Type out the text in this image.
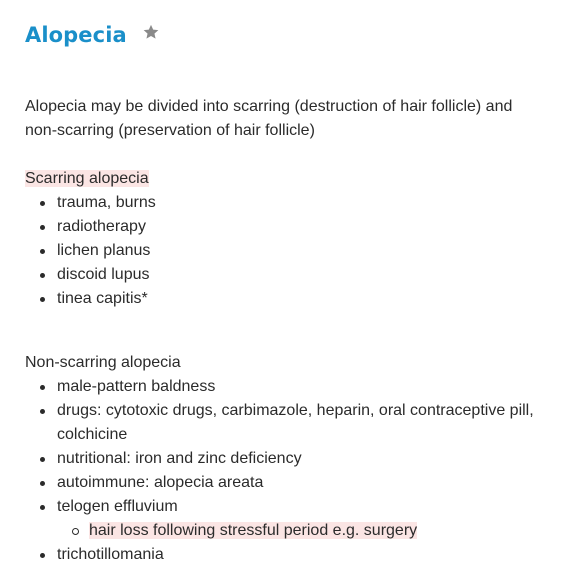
Alopecia

Alopecia may be divided into scarring (destruction of hair follicle) and non-scarring (preservation of hair follicle)

Scarring alopecia
trauma, burns
radiotherapy
lichen planus
discoid lupus
tinea capitis*
Non-scarring alopecia
male-pattern baldness
drugs: cytotoxic drugs, carbimazole, heparin, oral contraceptive pill, colchicine
nutritional: iron and zinc deficiency
autoimmune: alopecia areata
telogen effluvium
hair loss following stressful period e.g. surgery
trichotillomania
